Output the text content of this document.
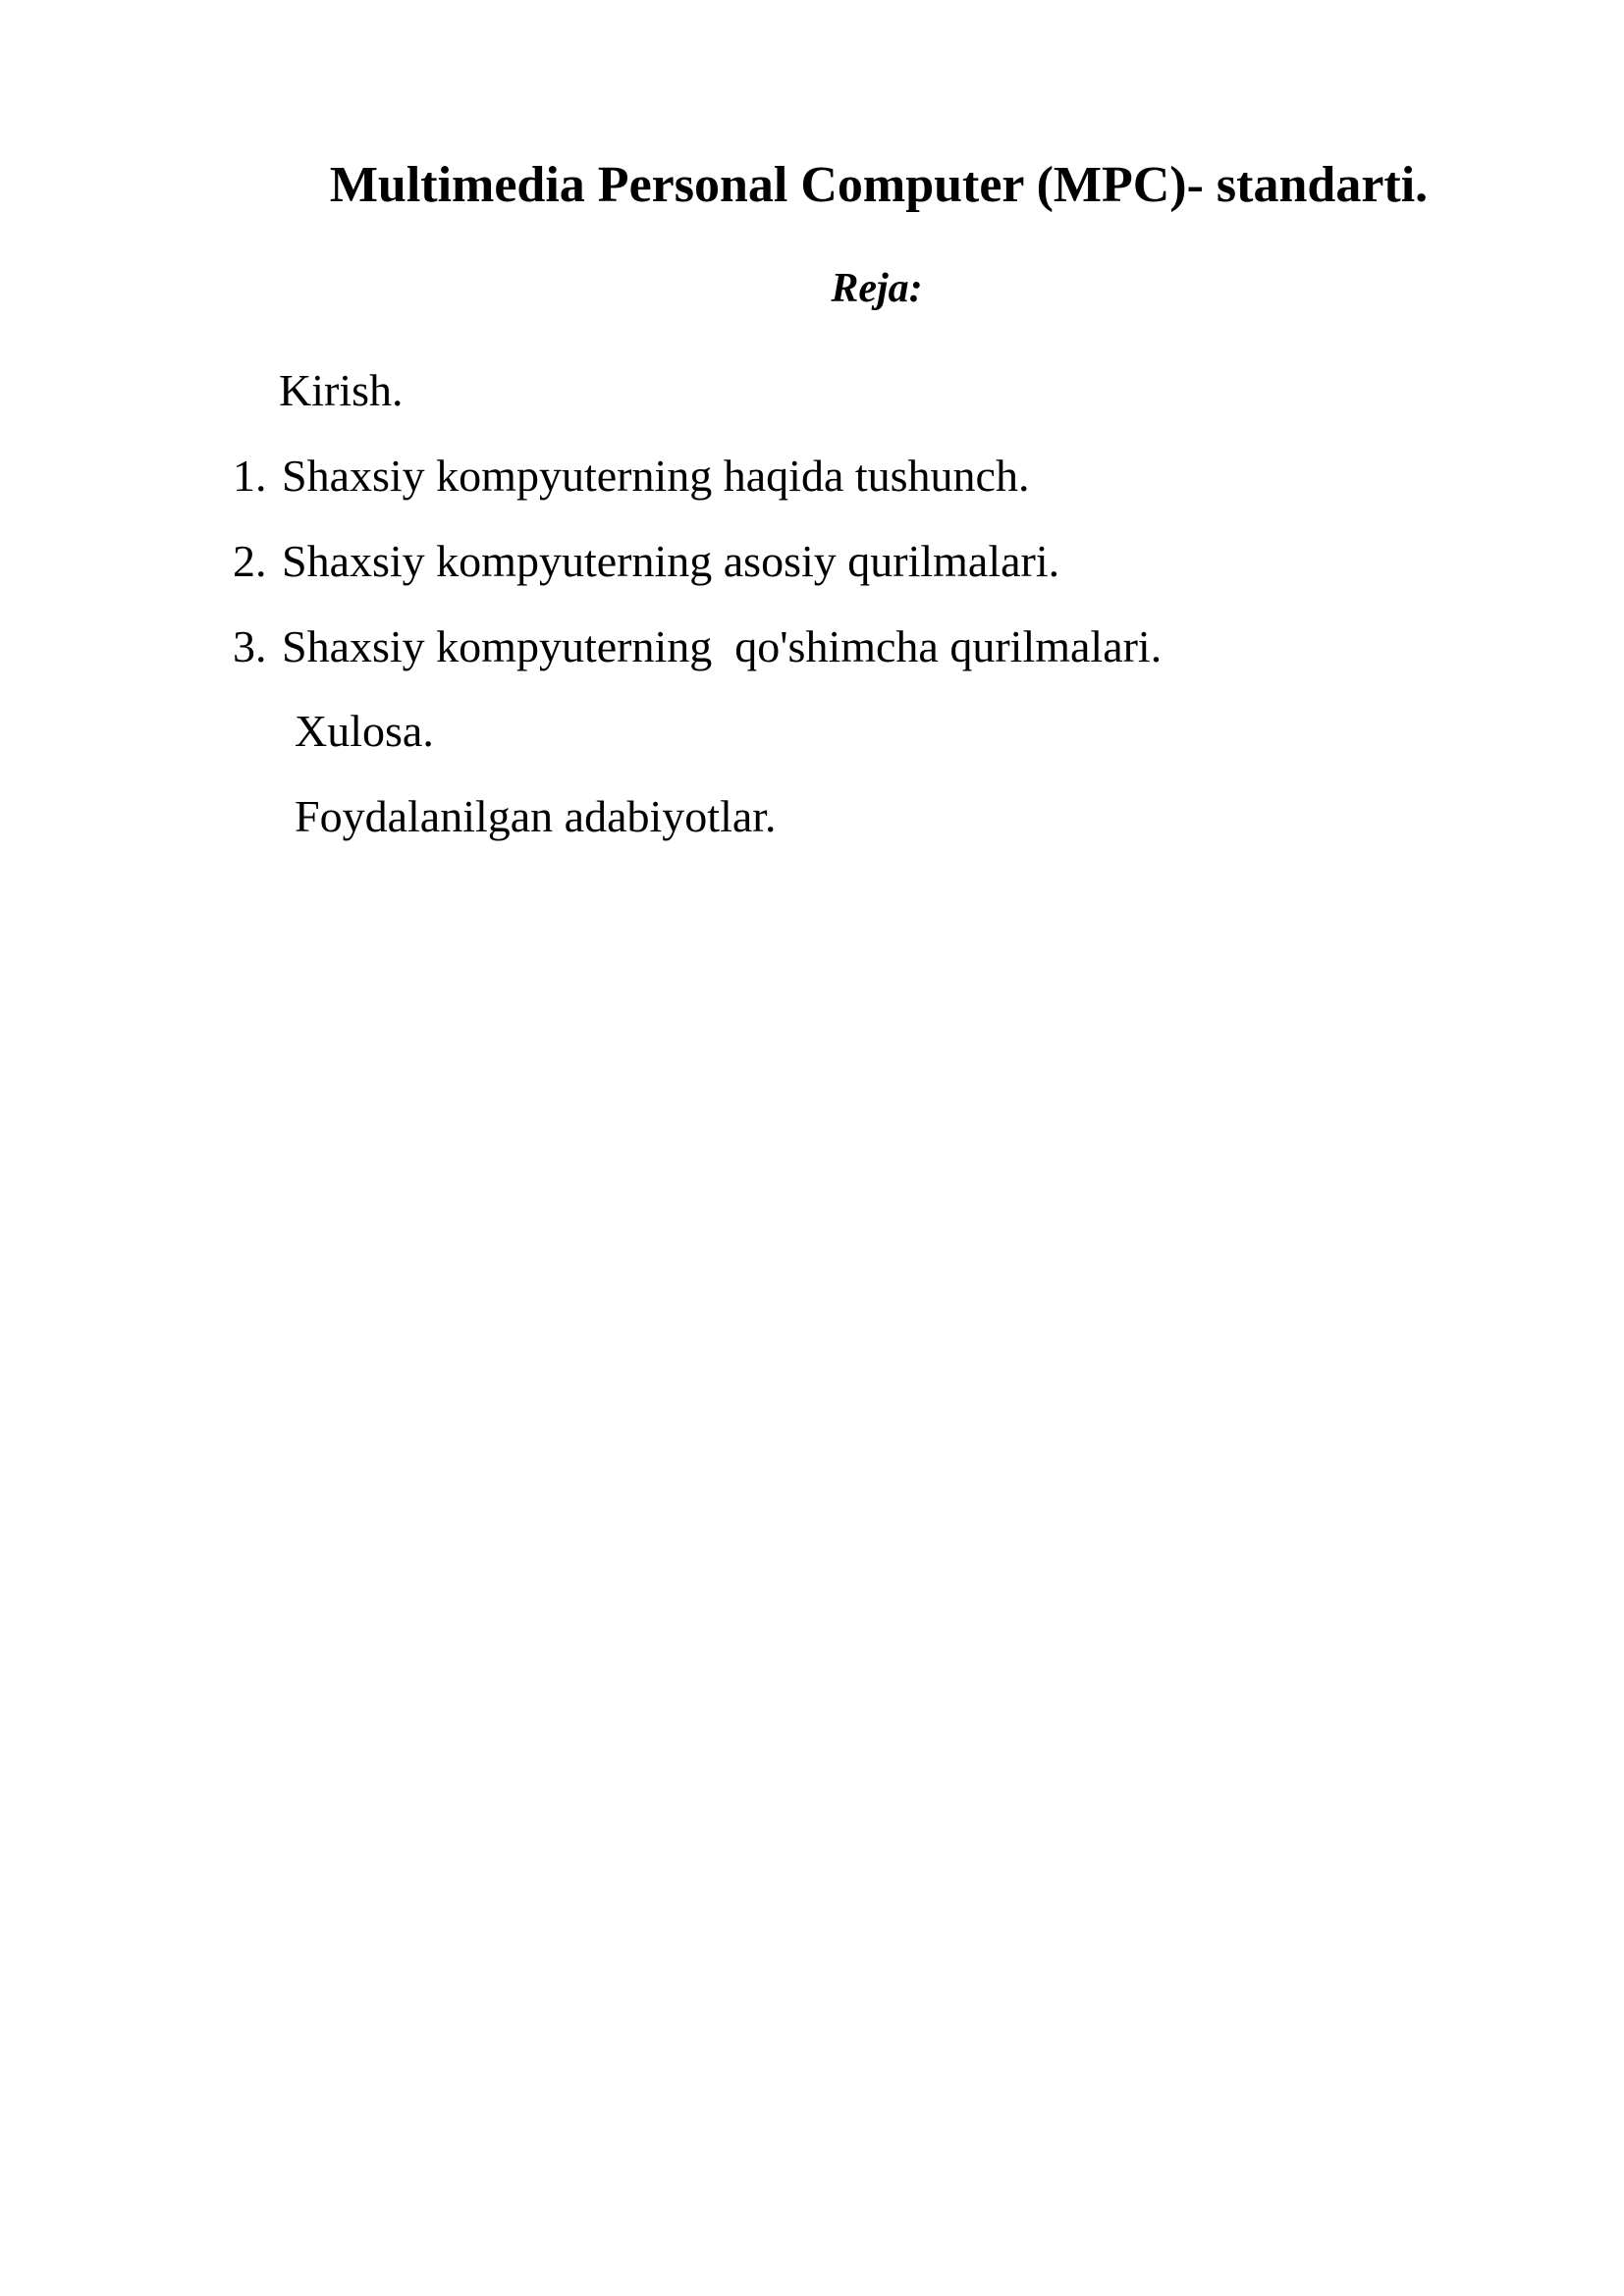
Multimedia Personal Computer (MPC)- standarti.
Reja:
Kirish.
1. Shaxsiy kompyuterning haqida tushunch.
2. Shaxsiy kompyuterning asosiy qurilmalari.
3. Shaxsiy kompyuterning  qo'shimcha qurilmalari.
Xulosa.
Foydalanilgan adabiyotlar.
